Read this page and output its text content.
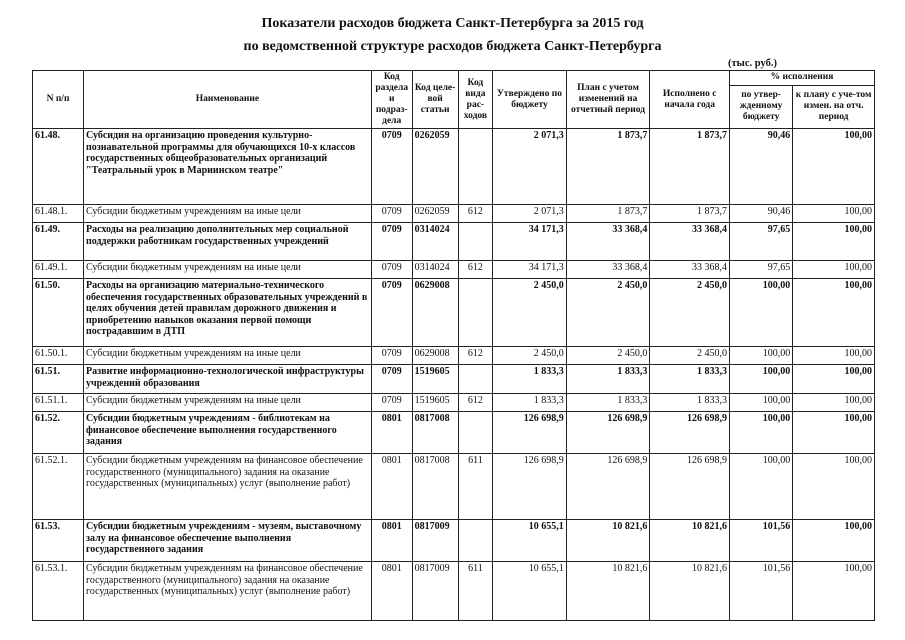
Показатели расходов бюджета Санкт-Петербурга за 2015 год
по ведомственной структуре расходов бюджета Санкт-Петербурга
(тыс. руб.)
N п/п	Наименование	Код раздела и подраз-дела	Код целе-вой статьи	Код вида рас-ходов	Утверждено по бюджету	План с учетом изменений на отчетный период	Исполнено с начала года	% исполнения	
								по утвер-жденному бюджету	к плану с уче-том измен. на отч. период
61.48.	Субсидия на организацию проведения культурно-познавательной программы для обучающихся 10-х классов государственных общеобразовательных организаций "Театральный урок в Мариинском театре"	0709	0262059		2 071,3	1 873,7	1 873,7	90,46	100,00
61.48.1.	Субсидии бюджетным учреждениям на иные цели	0709	0262059	612	2 071,3	1 873,7	1 873,7	90,46	100,00
61.49.	Расходы на реализацию дополнительных мер социальной поддержки работникам государственных учреждений	0709	0314024		34 171,3	33 368,4	33 368,4	97,65	100,00
61.49.1.	Субсидии бюджетным учреждениям на иные цели	0709	0314024	612	34 171,3	33 368,4	33 368,4	97,65	100,00
61.50.	Расходы на организацию материально-технического обеспечения государственных образовательных учреждений в целях обучения детей правилам дорожного движения и приобретению навыков оказания первой помощи пострадавшим в ДТП	0709	0629008		2 450,0	2 450,0	2 450,0	100,00	100,00
61.50.1.	Субсидии бюджетным учреждениям на иные цели	0709	0629008	612	2 450,0	2 450,0	2 450,0	100,00	100,00
61.51.	Развитие информационно-технологической инфраструктуры учреждений образования	0709	1519605		1 833,3	1 833,3	1 833,3	100,00	100,00
61.51.1.	Субсидии бюджетным учреждениям на иные цели	0709	1519605	612	1 833,3	1 833,3	1 833,3	100,00	100,00
61.52.	Субсидии бюджетным учреждениям - библиотекам на финансовое обеспечение выполнения государственного задания	0801	0817008		126 698,9	126 698,9	126 698,9	100,00	100,00
61.52.1.	Субсидии бюджетным учреждениям на финансовое обеспечение государственного (муниципального) задания на оказание государственных (муниципальных) услуг (выполнение работ)	0801	0817008	611	126 698,9	126 698,9	126 698,9	100,00	100,00
61.53.	Субсидии бюджетным учреждениям - музеям, выставочному залу на финансовое обеспечение выполнения государственного задания	0801	0817009		10 655,1	10 821,6	10 821,6	101,56	100,00
61.53.1.	Субсидии бюджетным учреждениям на финансовое обеспечение государственного (муниципального) задания на оказание государственных (муниципальных) услуг (выполнение работ)	0801	0817009	611	10 655,1	10 821,6	10 821,6	101,56	100,00
